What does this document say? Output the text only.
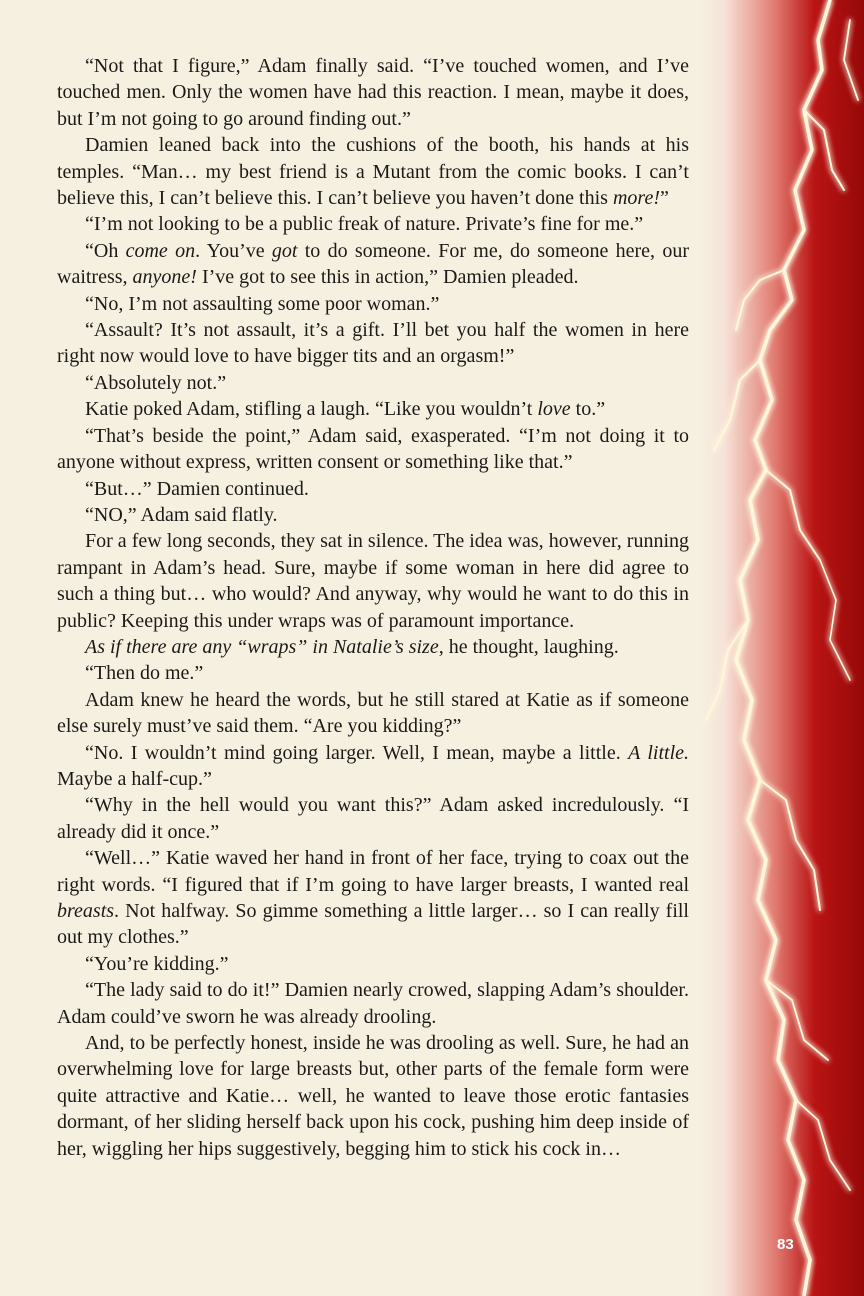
“Not that I figure,” Adam finally said. “I’ve touched women, and I’ve touched men. Only the women have had this reaction. I mean, maybe it does, but I’m not going to go around finding out.”

Damien leaned back into the cushions of the booth, his hands at his temples. “Man… my best friend is a Mutant from the comic books. I can’t believe this, I can’t believe this. I can’t believe you haven’t done this more!”

“I’m not looking to be a public freak of nature. Private’s fine for me.”

“Oh come on. You’ve got to do someone. For me, do someone here, our waitress, anyone! I’ve got to see this in action,” Damien pleaded.

“No, I’m not assaulting some poor woman.”

“Assault? It’s not assault, it’s a gift. I’ll bet you half the women in here right now would love to have bigger tits and an orgasm!”

“Absolutely not.”

Katie poked Adam, stifling a laugh. “Like you wouldn’t love to.”

“That’s beside the point,” Adam said, exasperated. “I’m not doing it to anyone without express, written consent or something like that.”

“But…” Damien continued.

“NO,” Adam said flatly.

For a few long seconds, they sat in silence. The idea was, however, running rampant in Adam’s head. Sure, maybe if some woman in here did agree to such a thing but… who would? And anyway, why would he want to do this in public? Keeping this under wraps was of paramount importance.

As if there are any “wraps” in Natalie’s size, he thought, laughing.

“Then do me.”

Adam knew he heard the words, but he still stared at Katie as if someone else surely must’ve said them. “Are you kidding?”

“No. I wouldn’t mind going larger. Well, I mean, maybe a little. A little. Maybe a half-cup.”

“Why in the hell would you want this?” Adam asked incredulously. “I already did it once.”

“Well…” Katie waved her hand in front of her face, trying to coax out the right words. “I figured that if I’m going to have larger breasts, I wanted real breasts. Not halfway. So gimme something a little larger… so I can really fill out my clothes.”

“You’re kidding.”

“The lady said to do it!” Damien nearly crowed, slapping Adam’s shoulder. Adam could’ve sworn he was already drooling.

And, to be perfectly honest, inside he was drooling as well. Sure, he had an overwhelming love for large breasts but, other parts of the female form were quite attractive and Katie… well, he wanted to leave those erotic fantasies dormant, of her sliding herself back upon his cock, pushing him deep inside of her, wiggling her hips suggestively, begging him to stick his cock in…

83
